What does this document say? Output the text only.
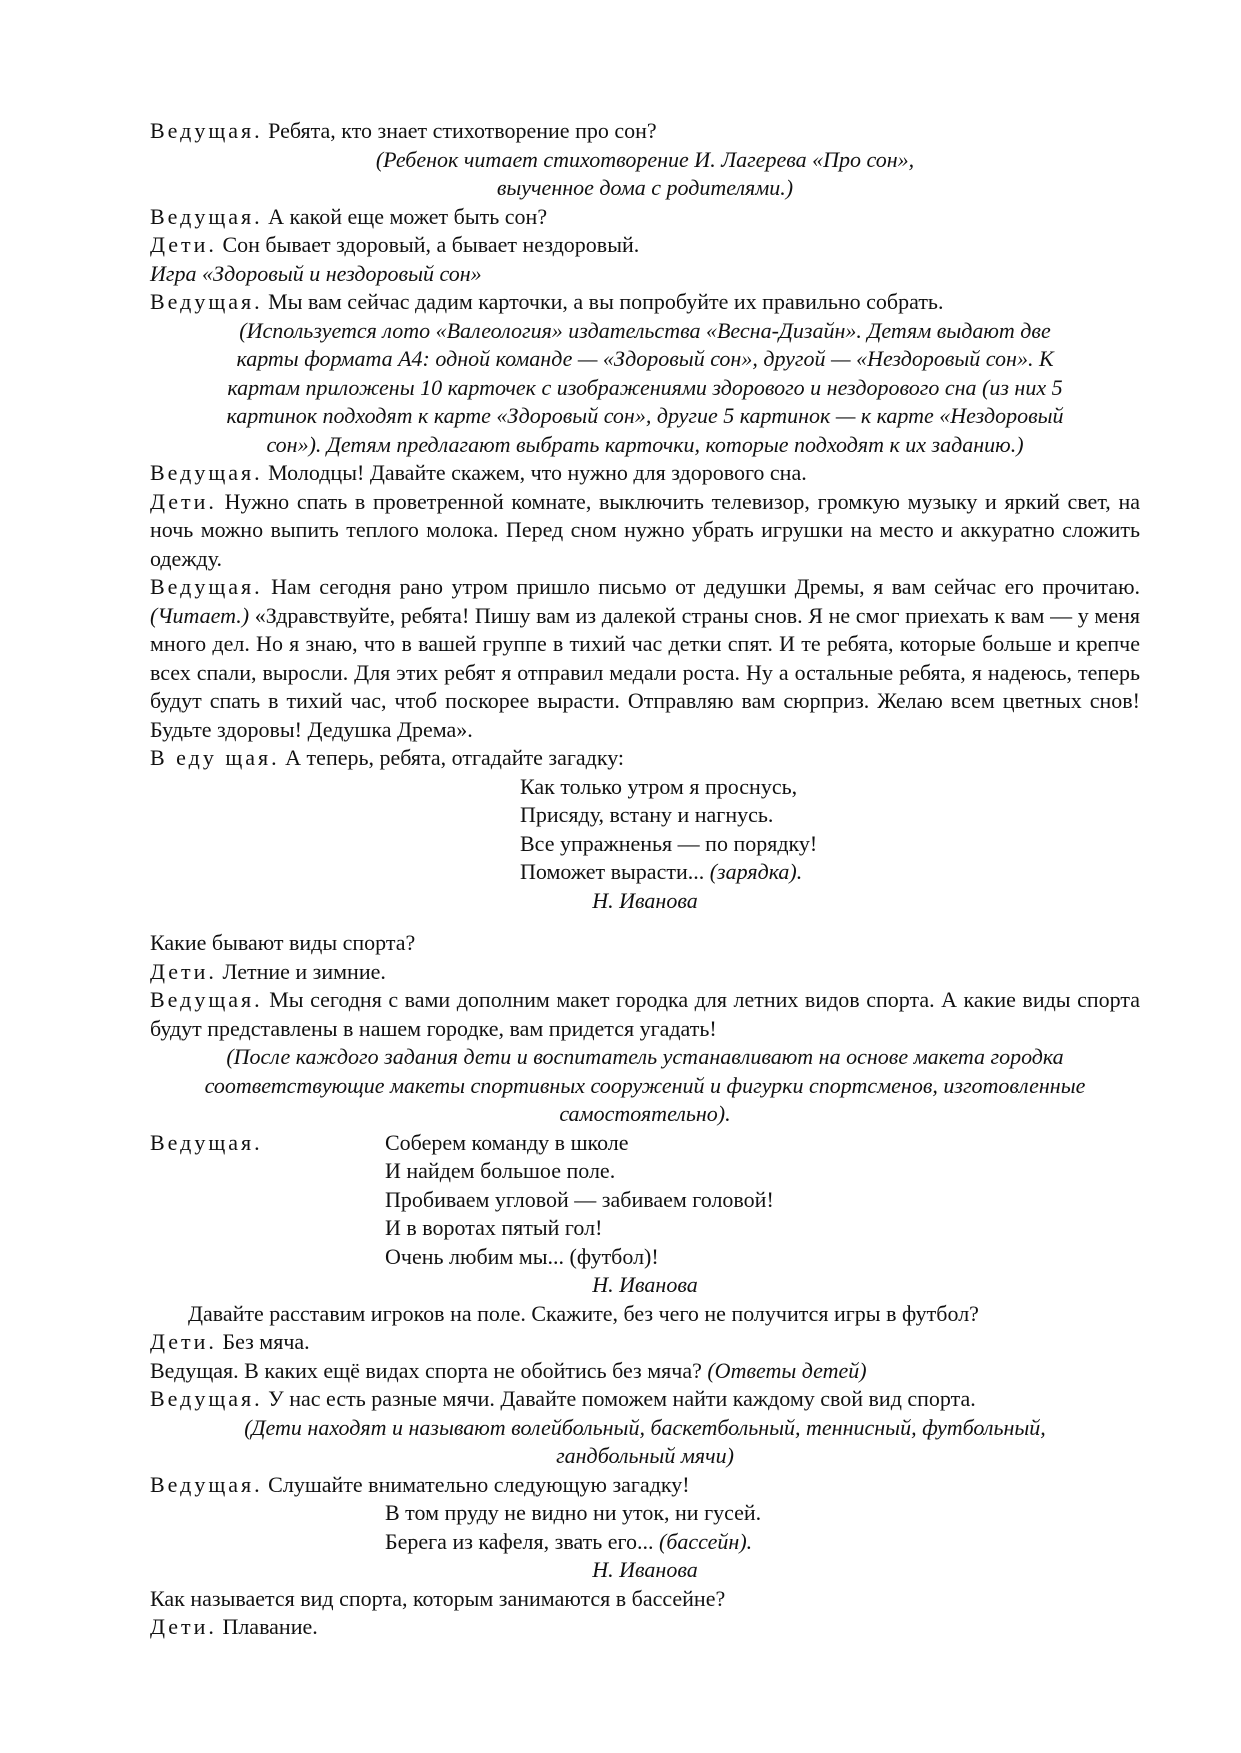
Ведущая. Ребята, кто знает стихотворение про сон?

(Ребенок читает стихотворение И. Лагерева «Про сон»,

выученное дома с родителями.)

Ведущая. А какой еще может быть сон?

Дети. Сон бывает здоровый, а бывает нездоровый.

Игра «Здоровый и нездоровый сон»

Ведущая. Мы вам сейчас дадим карточки, а вы попробуйте их правильно собрать.

(Используется лото «Валеология» издательства «Весна-Дизайн». Детям выдают две

карты формата А4: одной команде — «Здоровый сон», другой — «Нездоровый сон». К

картам приложены 10 карточек с изображениями здорового и нездорового сна (из них 5

картинок подходят к карте «Здоровый сон», другие 5 картинок — к карте «Нездоровый

сон»). Детям предлагают выбрать карточки, которые подходят к их заданию.)

Ведущая. Молодцы! Давайте скажем, что нужно для здорового сна.

Дети. Нужно спать в проветренной комнате, выключить телевизор, громкую музыку и яркий свет, на ночь можно выпить теплого молока. Перед сном нужно убрать игрушки на место и аккуратно сложить одежду.

Ведущая. Нам сегодня рано утром пришло письмо от дедушки Дремы, я вам сейчас его прочитаю. (Читает.) «Здравствуйте, ребята! Пишу вам из далекой страны снов. Я не смог приехать к вам — у меня много дел. Но я знаю, что в вашей группе в тихий час детки спят. И те ребята, которые больше и крепче всех спали, выросли. Для этих ребят я отправил медали роста. Ну а остальные ребята, я надеюсь, теперь будут спать в тихий час, чтоб поскорее вырасти. Отправляю вам сюрприз. Желаю всем цветных снов! Будьте здоровы! Дедушка Дрема».

В еду щая. А теперь, ребята, отгадайте загадку:

Как только утром я проснусь,

Присяду, встану и нагнусь.

Все упражненья — по порядку!

Поможет вырасти... (зарядка).

Н. Иванова

Какие бывают виды спорта?

Дети. Летние и зимние.

Ведущая. Мы сегодня с вами дополним макет городка для летних видов спорта. А какие виды спорта будут представлены в нашем городке, вам придется угадать!

(После каждого задания дети и воспитатель устанавливают на основе макета городка

соответствующие макеты спортивных сооружений и фигурки спортсменов, изготовленные

самостоятельно).

Ведущая.	Соберем команду в школе

И найдем большое поле.

Пробиваем угловой — забиваем головой!

И в воротах пятый гол!

Очень любим мы... (футбол)!

Н. Иванова

Давайте расставим игроков на поле. Скажите, без чего не получится игры в футбол?

Дети. Без мяча.

Ведущая. В каких ещё видах спорта не обойтись без мяча? (Ответы детей)

Ведущая. У нас есть разные мячи. Давайте поможем найти каждому свой вид спорта.

(Дети находят и называют волейбольный, баскетбольный, теннисный, футбольный,

гандбольный мячи)

Ведущая. Слушайте внимательно следующую загадку!

В том пруду не видно ни уток, ни гусей.

Берега из кафеля, звать его... (бассейн).

Н. Иванова

Как называется вид спорта, которым занимаются в бассейне?

Дети. Плавание.
